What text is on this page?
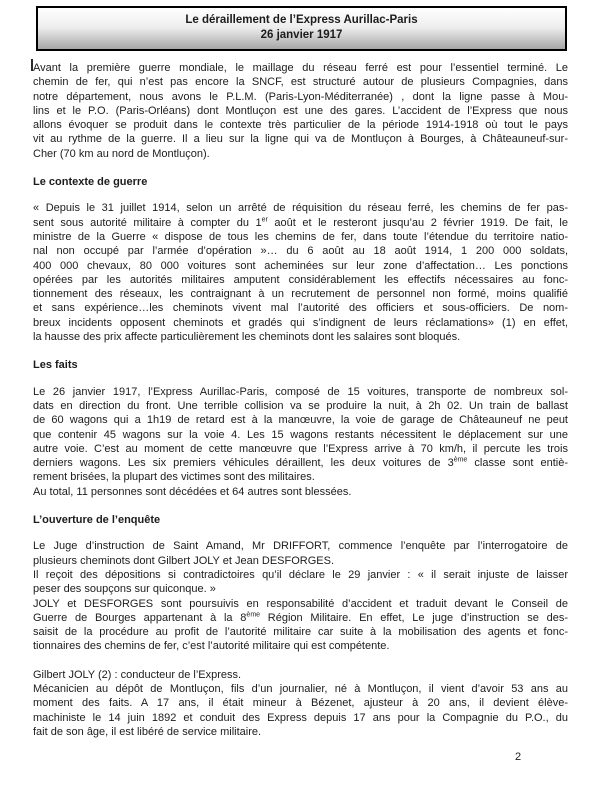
Le déraillement de l’Express Aurillac-Paris
26 janvier 1917
Avant la première guerre mondiale, le maillage du réseau ferré est pour l’essentiel terminé. Le
chemin de fer, qui n’est pas encore la SNCF, est structuré autour de plusieurs Compagnies, dans
notre département, nous avons le P.L.M. (Paris-Lyon-Méditerranée) , dont la ligne passe à Mou-
lins et le P.O. (Paris-Orléans) dont Montluçon est une des gares. L’accident de l’Express que nous
allons évoquer se produit dans le contexte très particulier de la période 1914-1918 où tout le pays
vit au rythme de la guerre. Il a lieu sur la ligne qui va de Montluçon à Bourges, à Châteauneuf-sur-
Cher (70 km au nord de Montluçon).
Le contexte de guerre
« Depuis le 31 juillet 1914, selon un arrêté de réquisition du réseau ferré, les chemins de fer pas-
sent sous autorité militaire à compter du 1er août et le resteront jusqu’au 2 février 1919. De fait, le
ministre de la Guerre « dispose de tous les chemins de fer, dans toute l’étendue du territoire natio-
nal non occupé par l’armée d’opération »… du 6 août au 18 août 1914, 1 200 000 soldats,
400 000 chevaux, 80 000 voitures sont acheminées sur leur zone d’affectation… Les ponctions
opérées par les autorités militaires amputent considérablement les effectifs nécessaires au fonc-
tionnement des réseaux, les contraignant à un recrutement de personnel non formé, moins qualifié
et sans expérience…les cheminots vivent mal l’autorité des officiers et sous-officiers. De nom-
breux incidents opposent cheminots et gradés qui s’indignent de leurs réclamations» (1) en effet,
la hausse des prix affecte particulièrement les cheminots dont les salaires sont bloqués.
Les faits
Le 26 janvier 1917, l’Express Aurillac-Paris, composé de 15 voitures, transporte de nombreux sol-
dats en direction du front. Une terrible collision va se produire la nuit, à 2h 02. Un train de ballast
de 60 wagons qui a 1h19 de retard est à la manœuvre, la voie de garage de Châteauneuf ne peut
que contenir 45 wagons sur la voie 4. Les 15 wagons restants nécessitent le déplacement sur une
autre voie. C’est au moment de cette manœuvre que l’Express arrive à 70 km/h, il percute les trois
derniers wagons. Les six premiers véhicules déraillent, les deux voitures de 3ème classe sont entiè-
rement brisées, la plupart des victimes sont des militaires.
Au total, 11 personnes sont décédées et 64 autres sont blessées.
L’ouverture de l’enquête
Le Juge d’instruction de Saint Amand, Mr DRIFFORT, commence l’enquête par l’interrogatoire de
plusieurs cheminots dont Gilbert JOLY et Jean DESFORGES.
Il reçoit des dépositions si contradictoires qu’il déclare le 29 janvier : « il serait injuste de laisser
peser des soupçons sur quiconque. »
JOLY et DESFORGES sont poursuivis en responsabilité d’accident et traduit devant le Conseil de
Guerre de Bourges appartenant à la 8ème Région Militaire. En effet, Le juge d’instruction se des-
saisit de la procédure au profit de l’autorité militaire car suite à la mobilisation des agents et fonc-
tionnaires des chemins de fer, c’est l’autorité militaire qui est compétente.
Gilbert JOLY (2) : conducteur de l’Express.
Mécanicien au dépôt de Montluçon, fils d’un journalier, né à Montluçon, il vient d’avoir 53 ans au
moment des faits. A 17 ans, il était mineur à Bézenet, ajusteur à 20 ans, il devient élève-
machiniste le 14 juin 1892 et conduit des Express depuis 17 ans pour la Compagnie du P.O., du
fait de son âge, il est libéré de service militaire.
2
